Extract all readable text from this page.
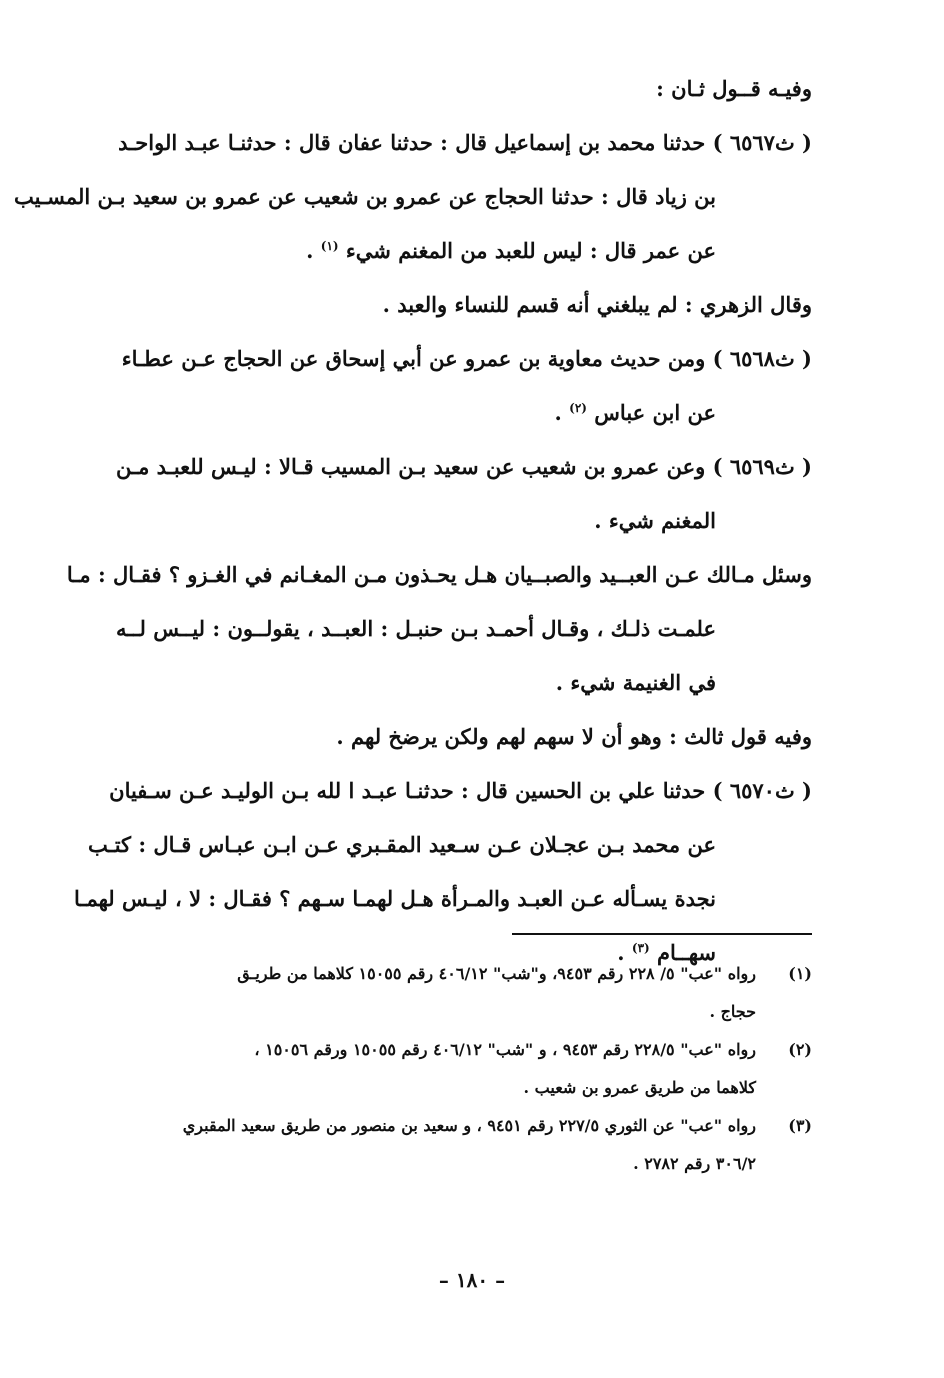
وفيـه قــول ثـان :
( ث٦٥٦٧ ) حدثنا محمد بن إسماعيل قال : حدثنا عفان قال : حدثنـا عبـد الواحـد
بن زياد قال : حدثنا الحجاج عن عمرو بن شعيب عن عمرو بن سعيد بـن المسـيب
عن عمر قال : ليس للعبد من المغنم شيء $^{(١)}$ .
وقال الزهري : لم يبلغني أنه قسم للنساء والعبد .
( ث٦٥٦٨ ) ومن حديث معاوية بن عمرو عن أبي إسحاق عن الحجاج عـن عطـاء
عن ابن عباس $^{(٢)}$ .
( ث٦٥٦٩ ) وعن عمرو بن شعيب عن سعيد بـن المسيب قـالا : ليـس للعبـد مـن
المغنم شيء .
وسئل مـالك عـن العبــيد والصبــيان هـل يحـذون مـن المغـانم في الغـزو ؟ فقـال : مـا
علمـت ذلـك ، وقـال أحمـد بـن حنبـل : العبــد ، يقولــون : ليــس لــه
في الغنيمة شيء .
وفيه قول ثالث : وهو أن لا سهم لهم ولكن يرضخ لهم .
( ث٦٥٧٠ ) حدثنا علي بن الحسين قال : حدثنـا عبـد ا لله بـن الوليـد عـن سـفيان
عن محمد بـن عجـلان عـن سـعيد المقـبري عـن ابـن عبـاس قـال : كتـب
نجدة يسـأله عـن العبـد والمـرأة هـل لهمـا سـهم ؟ فقـال : لا ، ليـس لهمـا
سهــام $^{(٣)}$ .
(١)
رواه "عب" ٥/ ٢٢٨ رقم ٩٤٥٣، و"شب" ٤٠٦/١٢ رقم ١٥٠٥٥ كلاهما من طريـق
حجاج .
(٢)
رواه "عب" ٢٢٨/٥ رقم ٩٤٥٣ ، و "شب" ٤٠٦/١٢ رقم ١٥٠٥٥ ورقم ١٥٠٥٦ ،
كلاهما من طريق عمرو بن شعيب .
(٣)
رواه "عب" عن الثوري ٢٢٧/٥ رقم ٩٤٥١ ، و سعيد بن منصور من طريق سعيد المقبري
٣٠٦/٢ رقم ٢٧٨٢ .
– ١٨٠ –
